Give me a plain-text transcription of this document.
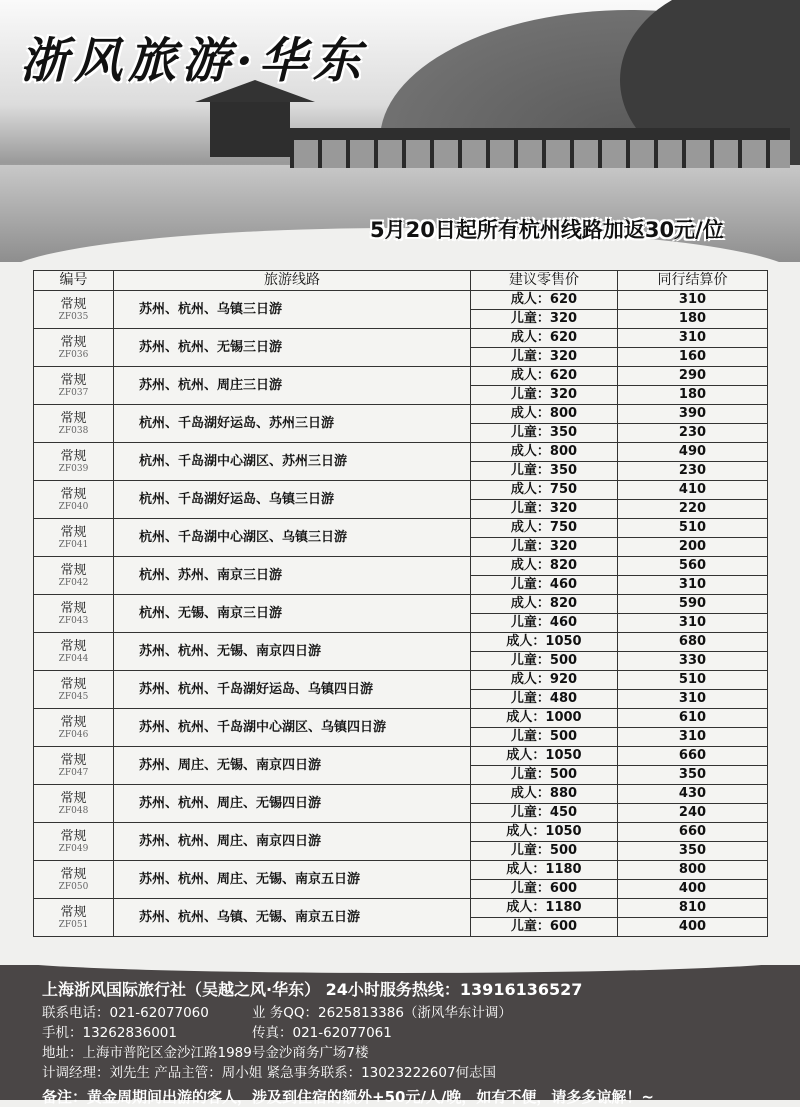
浙风旅游·华东
5月20日起所有杭州线路加返30元/位
编号	旅游线路	建议零售价	同行结算价

常规
ZF035	苏州、杭州、乌镇三日游	成人：620	310
		儿童：320	180

常规
ZF036	苏州、杭州、无锡三日游	成人：620	310
		儿童：320	160

常规
ZF037	苏州、杭州、周庄三日游	成人：620	290
		儿童：320	180

常规
ZF038	杭州、千岛湖好运岛、苏州三日游	成人：800	390
		儿童：350	230

常规
ZF039	杭州、千岛湖中心湖区、苏州三日游	成人：800	490
		儿童：350	230

常规
ZF040	杭州、千岛湖好运岛、乌镇三日游	成人：750	410
		儿童：320	220

常规
ZF041	杭州、千岛湖中心湖区、乌镇三日游	成人：750	510
		儿童：320	200

常规
ZF042	杭州、苏州、南京三日游	成人：820	560
		儿童：460	310

常规
ZF043	杭州、无锡、南京三日游	成人：820	590
		儿童：460	310

常规
ZF044	苏州、杭州、无锡、南京四日游	成人：1050	680
		儿童：500	330

常规
ZF045	苏州、杭州、千岛湖好运岛、乌镇四日游	成人：920	510
		儿童：480	310

常规
ZF046	苏州、杭州、千岛湖中心湖区、乌镇四日游	成人：1000	610
		儿童：500	310

常规
ZF047	苏州、周庄、无锡、南京四日游	成人：1050	660
		儿童：500	350

常规
ZF048	苏州、杭州、周庄、无锡四日游	成人：880	430
		儿童：450	240

常规
ZF049	苏州、杭州、周庄、南京四日游	成人：1050	660
		儿童：500	350

常规
ZF050	苏州、杭州、周庄、无锡、南京五日游	成人：1180	800
		儿童：600	400

常规
ZF051	苏州、杭州、乌镇、无锡、南京五日游	成人：1180	810
		儿童：600	400
上海浙风国际旅行社（吴越之风·华东） 24小时服务热线：13916136527
联系电话：021-62077060	业 务QQ：2625813386（浙风华东计调）
手机：13262836001	传真：021-62077061
地址：上海市普陀区金沙江路1989号金沙商务广场7楼
计调经理：刘先生 产品主管：周小姐 紧急事务联系：13023222607何志国
备注：黄金周期间出游的客人，涉及到住宿的额外+50元/人/晚，如有不便，请多多谅解！~
